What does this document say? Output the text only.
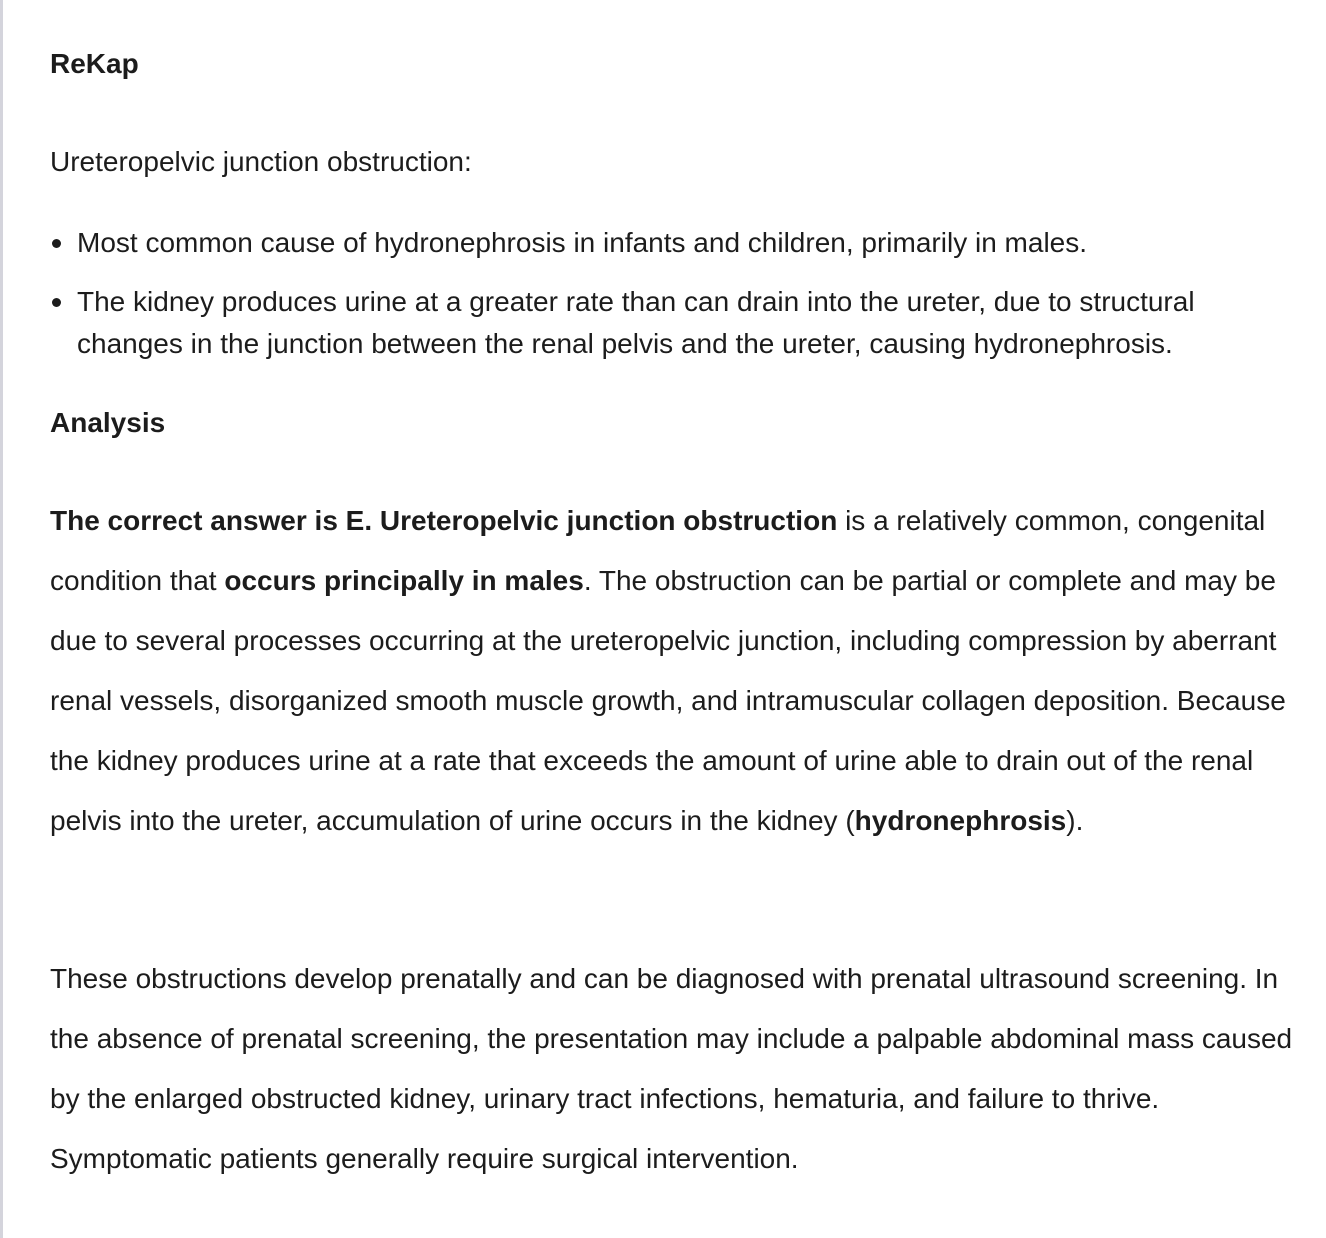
ReKap

Ureteropelvic junction obstruction:

Most common cause of hydronephrosis in infants and children, primarily in males.
The kidney produces urine at a greater rate than can drain into the ureter, due to structural changes in the junction between the renal pelvis and the ureter, causing hydronephrosis.
Analysis

The correct answer is E. Ureteropelvic junction obstruction is a relatively common, congenital condition that occurs principally in males. The obstruction can be partial or complete and may be due to several processes occurring at the ureteropelvic junction, including compression by aberrant renal vessels, disorganized smooth muscle growth, and intramuscular collagen deposition. Because the kidney produces urine at a rate that exceeds the amount of urine able to drain out of the renal pelvis into the ureter, accumulation of urine occurs in the kidney (hydronephrosis).

These obstructions develop prenatally and can be diagnosed with prenatal ultrasound screening. In the absence of prenatal screening, the presentation may include a palpable abdominal mass caused by the enlarged obstructed kidney, urinary tract infections, hematuria, and failure to thrive. Symptomatic patients generally require surgical intervention.
